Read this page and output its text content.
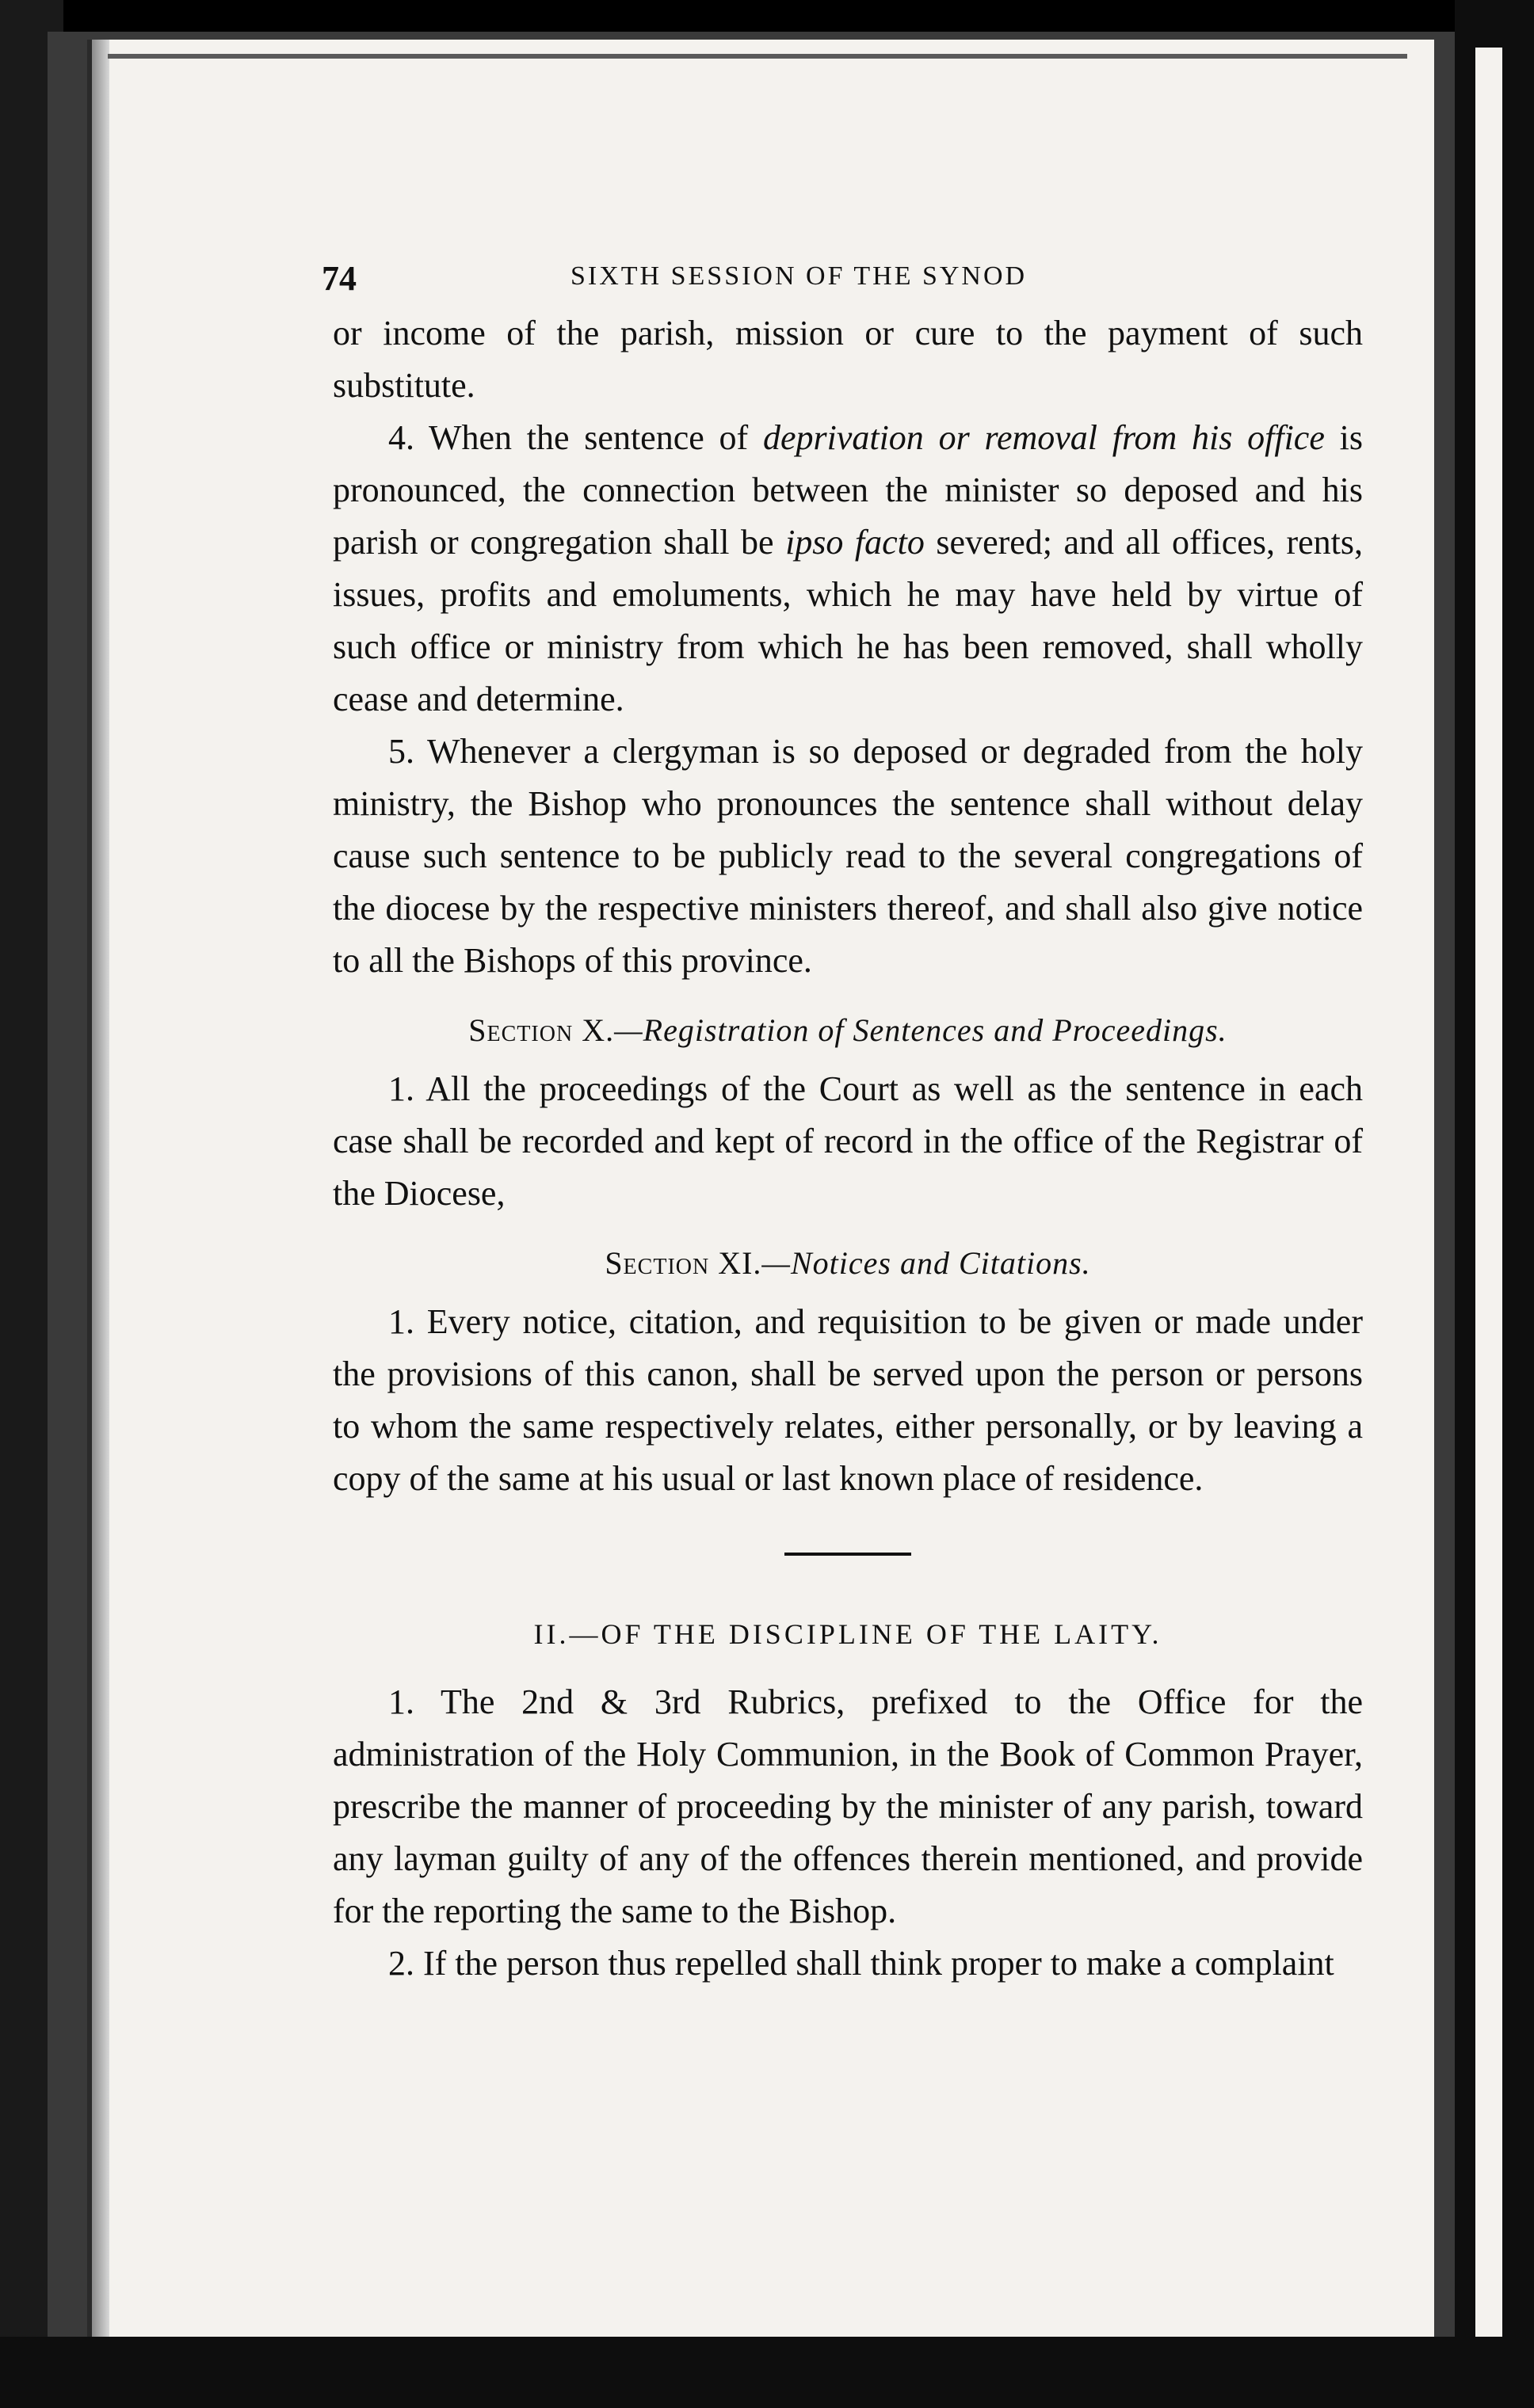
74	SIXTH SESSION OF THE SYNOD

or income of the parish, mission or cure to the payment of such substitute.

4. When the sentence of deprivation or removal from his office is pronounced, the connection between the minister so deposed and his parish or congregation shall be ipso facto severed; and all offices, rents, issues, profits and emoluments, which he may have held by virtue of such office or ministry from which he has been removed, shall wholly cease and determine.

5. Whenever a clergyman is so deposed or degraded from the holy ministry, the Bishop who pronounces the sentence shall without delay cause such sentence to be publicly read to the several congregations of the diocese by the respective ministers thereof, and shall also give notice to all the Bishops of this province.

Section X.—Registration of Sentences and Proceedings.

1. All the proceedings of the Court as well as the sentence in each case shall be recorded and kept of record in the office of the Registrar of the Diocese,

Section XI.—Notices and Citations.

1. Every notice, citation, and requisition to be given or made under the provisions of this canon, shall be served upon the person or persons to whom the same respectively relates, either personally, or by leaving a copy of the same at his usual or last known place of residence.

II.—OF THE DISCIPLINE OF THE LAITY.

1. The 2nd & 3rd Rubrics, prefixed to the Office for the administration of the Holy Communion, in the Book of Common Prayer, prescribe the manner of proceeding by the minister of any parish, toward any layman guilty of any of the offences therein mentioned, and provide for the reporting the same to the Bishop.

2. If the person thus repelled shall think proper to make a complaint
